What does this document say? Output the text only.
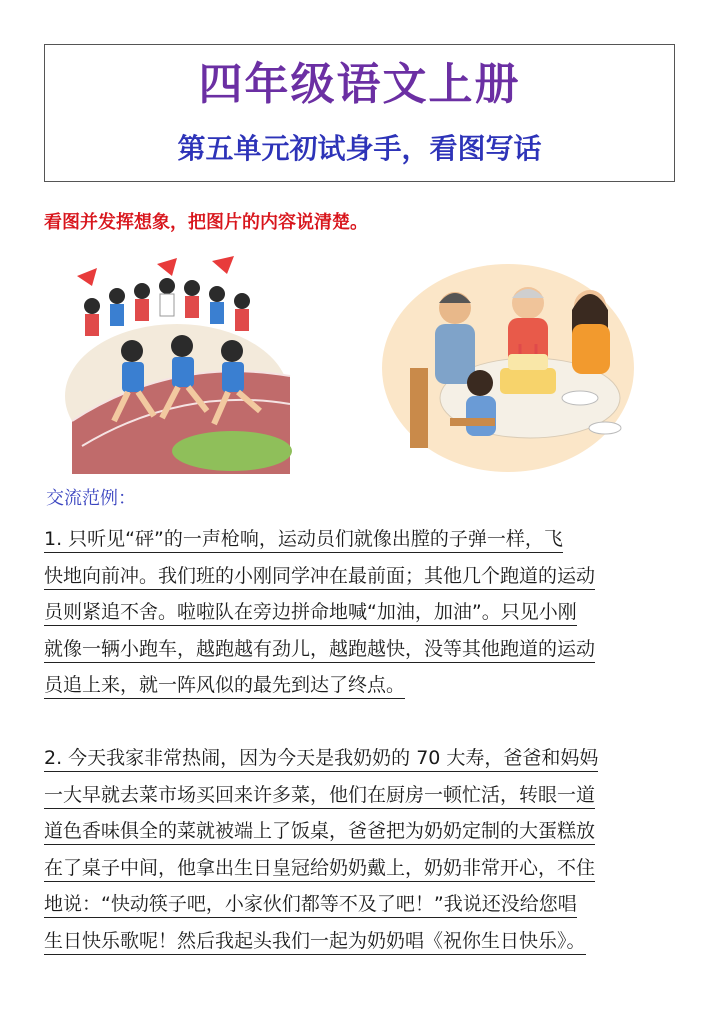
四年级语文上册
第五单元初试身手，看图写话
看图并发挥想象，把图片的内容说清楚。
交流范例：
1. 只听见“砰”的一声枪响，运动员们就像出膛的子弹一样，飞
快地向前冲。我们班的小刚同学冲在最前面；其他几个跑道的运动
员则紧追不舍。啦啦队在旁边拼命地喊“加油，加油”。只见小刚
就像一辆小跑车，越跑越有劲儿，越跑越快，没等其他跑道的运动
员追上来，就一阵风似的最先到达了终点。
2. 今天我家非常热闹，因为今天是我奶奶的 70 大寿，爸爸和妈妈
一大早就去菜市场买回来许多菜，他们在厨房一顿忙活，转眼一道
道色香味俱全的菜就被端上了饭桌，爸爸把为奶奶定制的大蛋糕放
在了桌子中间，他拿出生日皇冠给奶奶戴上，奶奶非常开心，不住
地说：“快动筷子吧，小家伙们都等不及了吧！”我说还没给您唱
生日快乐歌呢！然后我起头我们一起为奶奶唱《祝你生日快乐》。
